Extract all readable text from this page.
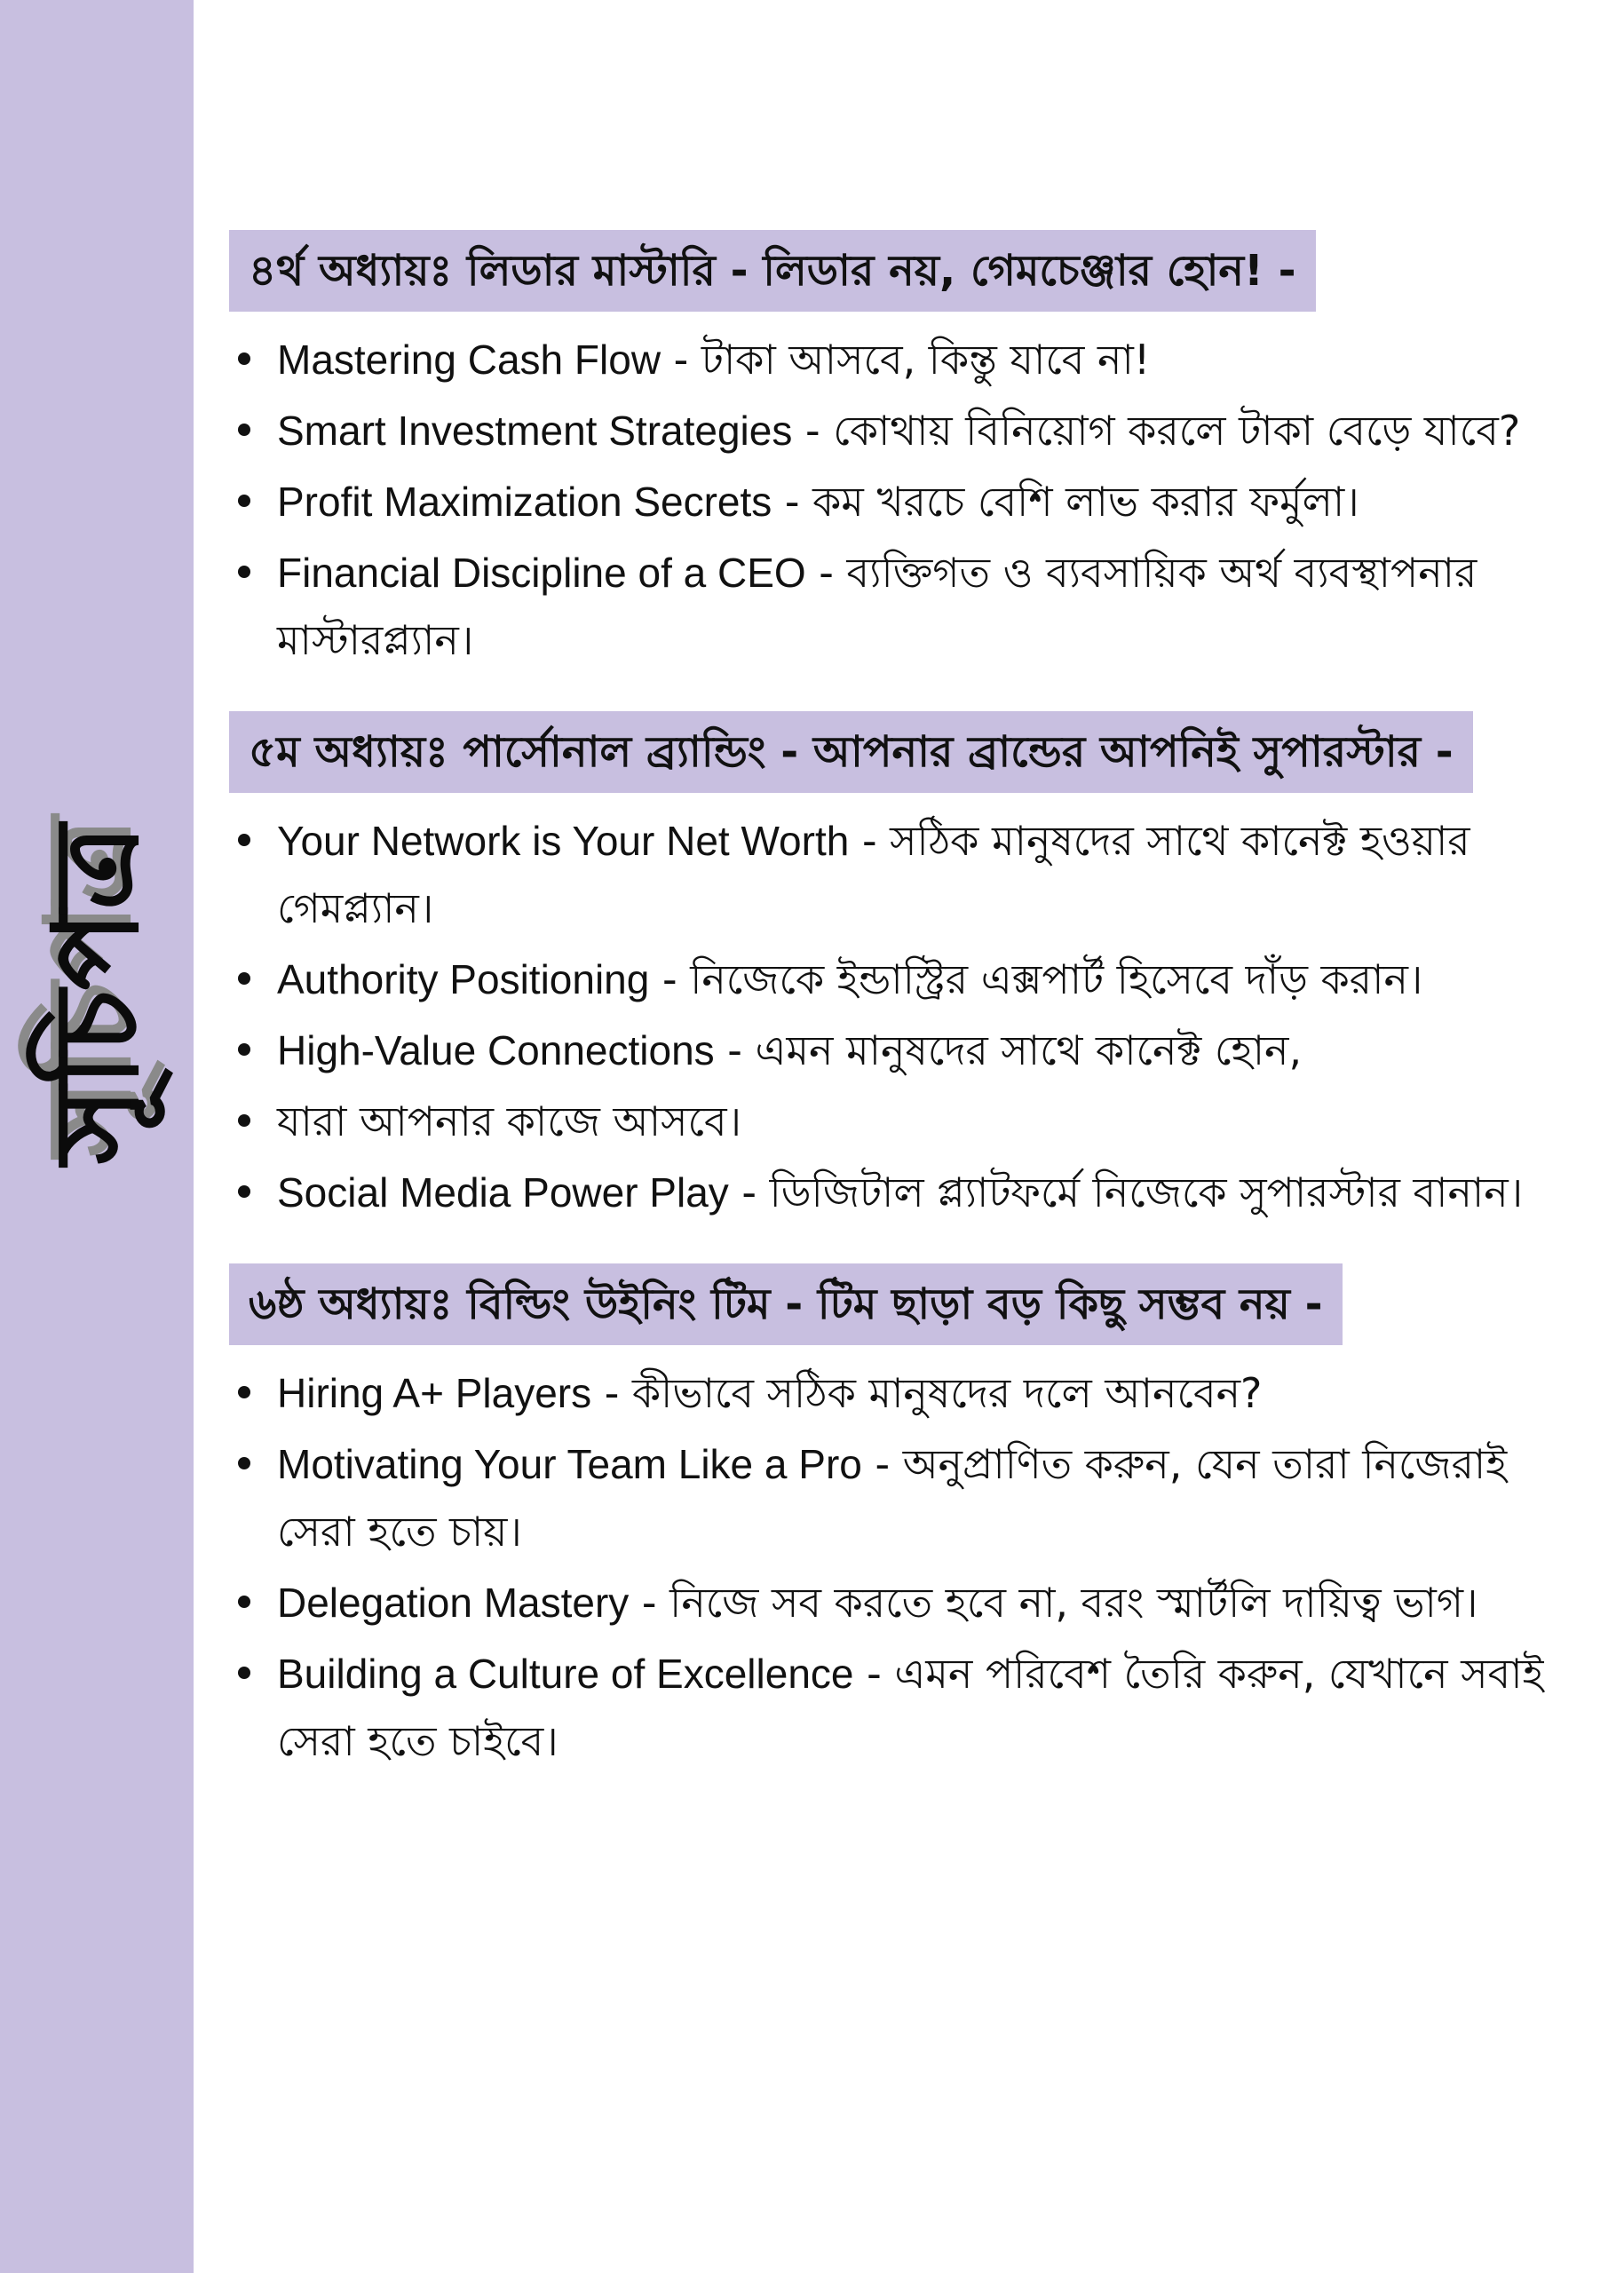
সূচিপত্র
৪র্থ অধ্যায়ঃ লিডার মাস্টারি - লিডার নয়, গেমচেঞ্জার হোন! -
Mastering Cash Flow - টাকা আসবে, কিন্তু যাবে না!
Smart Investment Strategies - কোথায় বিনিয়োগ করলে টাকা বেড়ে যাবে?
Profit Maximization Secrets - কম খরচে বেশি লাভ করার ফর্মুলা।
Financial Discipline of a CEO - ব্যক্তিগত ও ব্যবসায়িক অর্থ ব্যবস্থাপনার মাস্টারপ্ল্যান।
৫ম অধ্যায়ঃ পার্সোনাল ব্র্যান্ডিং - আপনার ব্রান্ডের আপনিই সুপারস্টার -
Your Network is Your Net Worth - সঠিক মানুষদের সাথে কানেক্ট হওয়ার গেমপ্ল্যান।
Authority Positioning - নিজেকে ইন্ডাস্ট্রির এক্সপার্ট হিসেবে দাঁড় করান।
High-Value Connections - এমন মানুষদের সাথে কানেক্ট হোন,
যারা আপনার কাজে আসবে।
Social Media Power Play - ডিজিটাল প্ল্যাটফর্মে নিজেকে সুপারস্টার বানান।
৬ষ্ঠ অধ্যায়ঃ বিল্ডিং উইনিং টিম - টিম ছাড়া বড় কিছু সম্ভব নয় -
Hiring A+ Players - কীভাবে সঠিক মানুষদের দলে আনবেন?
Motivating Your Team Like a Pro - অনুপ্রাণিত করুন, যেন তারা নিজেরাই সেরা হতে চায়।
Delegation Mastery - নিজে সব করতে হবে না, বরং স্মার্টলি দায়িত্ব ভাগ।
Building a Culture of Excellence - এমন পরিবেশ তৈরি করুন, যেখানে সবাই সেরা হতে চাইবে।
